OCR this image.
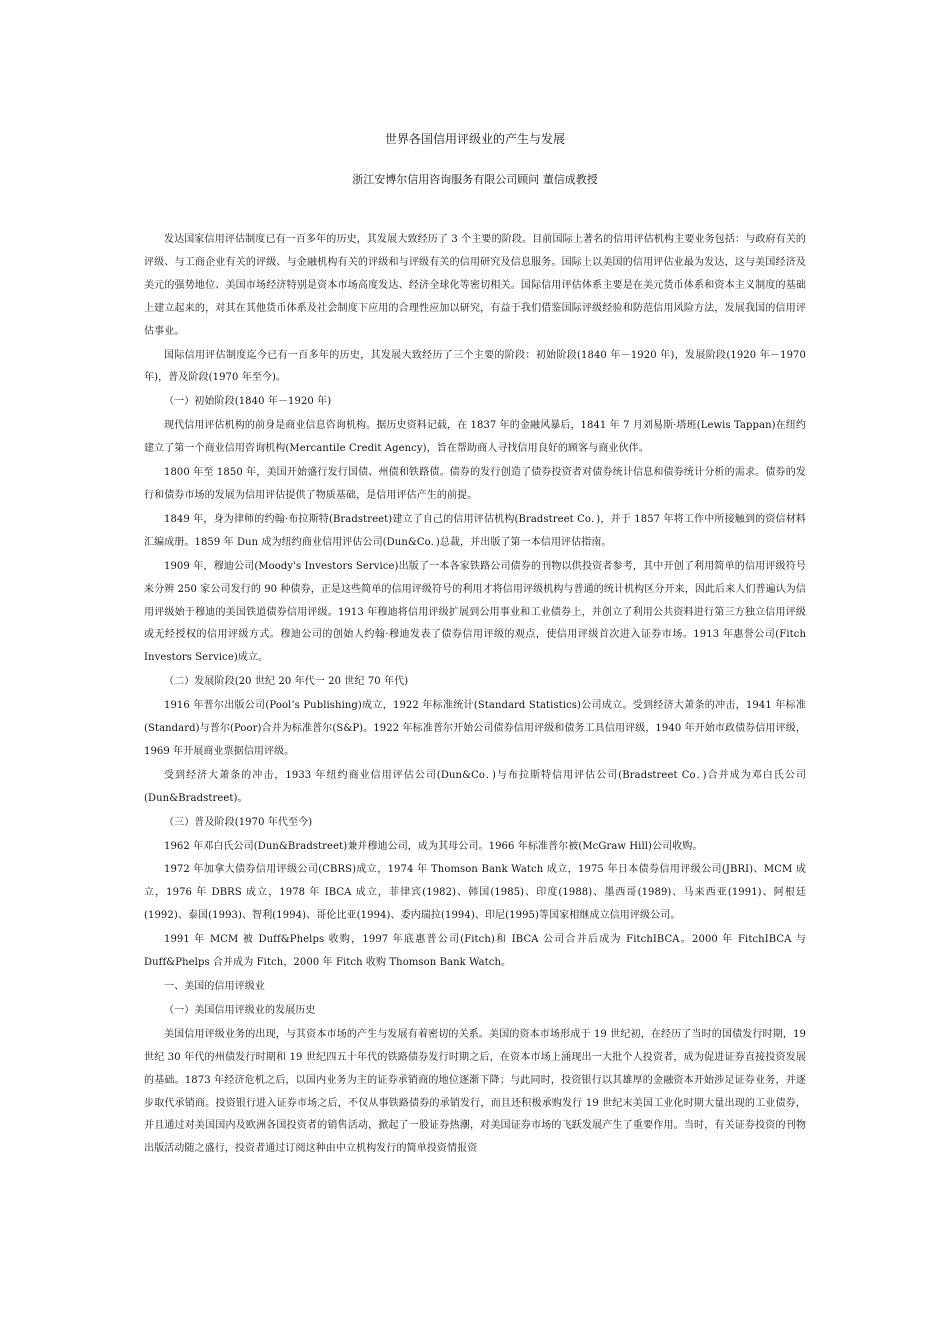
世界各国信用评级业的产生与发展
浙江安博尔信用咨询服务有限公司顾问 董信成教授

发达国家信用评估制度已有一百多年的历史，其发展大致经历了 3 个主要的阶段。目前国际上著名的信用评估机构主要业务包括：与政府有关的评级、与工商企业有关的评级、与金融机构有关的评级和与评级有关的信用研究及信息服务。国际上以美国的信用评估业最为发达，这与美国经济及美元的强势地位、美国市场经济特别是资本市场高度发达、经济全球化等密切相关。国际信用评估体系主要是在美元货币体系和资本主义制度的基础上建立起来的，对其在其他货币体系及社会制度下应用的合理性应加以研究，有益于我们借鉴国际评级经验和防范信用风险方法，发展我国的信用评估事业。

国际信用评估制度迄今已有一百多年的历史，其发展大致经历了三个主要的阶段：初始阶段(1840 年－1920 年)，发展阶段(1920 年－1970 年)，普及阶段(1970 年至今)。

（一）初始阶段(1840 年－1920 年)

现代信用评估机构的前身是商业信息咨询机构。据历史资料记载，在 1837 年的金融风暴后，1841 年 7 月刘易斯·塔班(Lewis Tappan)在纽约建立了第一个商业信用咨询机构(Mercantile Credit Agency)，旨在帮助商人寻找信用良好的顾客与商业伙伴。

1800 年至 1850 年，美国开始盛行发行国债、州债和铁路债。债券的发行创造了债券投资者对债券统计信息和债券统计分析的需求。债券的发行和债券市场的发展为信用评估提供了物质基础，是信用评估产生的前提。

1849 年，身为律师的约翰·布拉斯特(Bradstreet)建立了自己的信用评估机构(Bradstreet Co．)，并于 1857 年将工作中所接触到的资信材料汇编成册。1859 年 Dun 成为纽约商业信用评估公司(Dun&Co．)总裁，并出版了第一本信用评估指南。

1909 年，穆迪公司(Moody's Investors Service)出版了一本各家铁路公司债券的刊物以供投资者参考，其中开创了利用简单的信用评级符号来分辨 250 家公司发行的 90 种债券，正是这些简单的信用评级符号的利用才将信用评级机构与普通的统计机构区分开来，因此后来人们普遍认为信用评级始于穆迪的美国铁道债券信用评级。1913 年穆迪将信用评级扩展到公用事业和工业债券上，并创立了利用公共资料进行第三方独立信用评级或无经授权的信用评级方式。穆迪公司的创始人约翰·穆迪发表了债券信用评级的观点，使信用评级首次进入证券市场。1913 年惠誉公司(Fitch Investors Service)成立。

（二）发展阶段(20 世纪 20 年代一 20 世纪 70 年代)

1916 年普尔出版公司(Pool’s Publishing)成立，1922 年标准统计(Standard Statistics)公司成立。受到经济大萧条的冲击，1941 年标准(Standard)与普尔(Poor)合并为标准普尔(S&P)。1922 年标准普尔开始公司债券信用评级和债务工具信用评级，1940 年开始市政债券信用评级，1969 年开展商业票据信用评级。

受到经济大萧条的冲击，1933 年纽约商业信用评估公司(Dun&Co．)与布拉斯特信用评估公司(Bradstreet Co．)合并成为邓白氏公司(Dun&Bradstreet)。

（三）普及阶段(1970 年代至今)

1962 年邓白氏公司(Dun&Bradstreet)兼并穆迪公司，成为其母公司。1966 年标准普尔被(McGraw Hill)公司收购。

1972 年加拿大债券信用评级公司(CBRS)成立，1974 年 Thomson Bank Watch 成立，1975 年日本债券信用评级公司(JBRI)、MCM 成立，1976 年 DBRS 成立，1978 年 IBCA 成立，菲律宾(1982)、韩国(1985)、印度(1988)、墨西哥(1989)、马来西亚(1991)、阿根廷(1992)、泰国(1993)、智利(1994)、哥伦比亚(1994)、委内瑞拉(1994)、印尼(1995)等国家相继成立信用评级公司。

1991 年 MCM 被 Duff&Phelps 收购，1997 年底惠普公司(Fitch)和 IBCA 公司合并后成为 FitchIBCA。2000 年 FitchIBCA 与 Duff&Phelps 合并成为 Fitch，2000 年 Fitch 收购 Thomson Bank Watch。

一、美国的信用评级业

（一）美国信用评级业的发展历史

美国信用评级业务的出现，与其资本市场的产生与发展有着密切的关系。美国的资本市场形成于 19 世纪初，在经历了当时的国债发行时期，19 世纪 30 年代的州债发行时期和 19 世纪四五十年代的铁路债券发行时期之后，在资本市场上涌现出一大批个人投资者，成为促进证券直接投资发展的基础。1873 年经济危机之后，以国内业务为主的证券承销商的地位逐渐下降；与此同时，投资银行以其雄厚的金融资本开始涉足证券业务，并逐步取代承销商。投资银行进入证券市场之后，不仅从事铁路债券的承销发行，而且还积极承购发行 19 世纪末美国工业化时期大量出现的工业债券，并且通过对美国国内及欧洲各国投资者的销售活动，掀起了一股证券热潮，对美国证券市场的飞跃发展产生了重要作用。当时，有关证券投资的刊物出版活动随之盛行，投资者通过订阅这种由中立机构发行的简单投资情报资
